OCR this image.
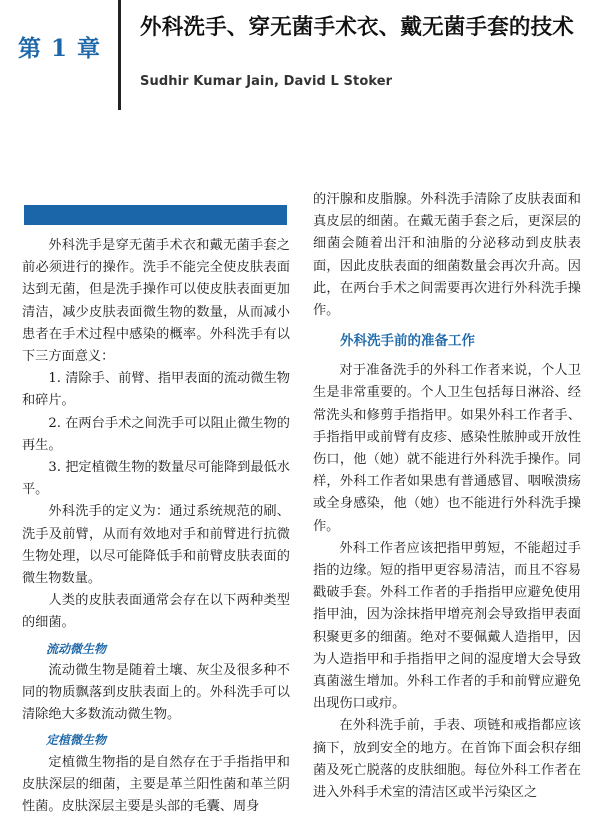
第 1 章
外科洗手、穿无菌手术衣、戴无菌手套的技术
Sudhir Kumar Jain, David L Stoker

外科洗手是穿无菌手术衣和戴无菌手套之前必须进行的操作。洗手不能完全使皮肤表面达到无菌，但是洗手操作可以使皮肤表面更加清洁，减少皮肤表面微生物的数量，从而减小患者在手术过程中感染的概率。外科洗手有以下三方面意义：

1. 清除手、前臂、指甲表面的流动微生物和碎片。

2. 在两台手术之间洗手可以阻止微生物的再生。

3. 把定植微生物的数量尽可能降到最低水平。

外科洗手的定义为：通过系统规范的刷、洗手及前臂，从而有效地对手和前臂进行抗微生物处理，以尽可能降低手和前臂皮肤表面的微生物数量。

人类的皮肤表面通常会存在以下两种类型的细菌。

流动微生物

流动微生物是随着土壤、灰尘及很多种不同的物质飘落到皮肤表面上的。外科洗手可以清除绝大多数流动微生物。

定植微生物

定植微生物指的是自然存在于手指指甲和皮肤深层的细菌，主要是革兰阳性菌和革兰阴性菌。皮肤深层主要是头部的毛囊、周身

的汗腺和皮脂腺。外科洗手清除了皮肤表面和真皮层的细菌。在戴无菌手套之后，更深层的细菌会随着出汗和油脂的分泌移动到皮肤表面，因此皮肤表面的细菌数量会再次升高。因此，在两台手术之间需要再次进行外科洗手操作。

外科洗手前的准备工作

对于准备洗手的外科工作者来说，个人卫生是非常重要的。个人卫生包括每日淋浴、经常洗头和修剪手指指甲。如果外科工作者手、手指指甲或前臂有皮疹、感染性脓肿或开放性伤口，他（她）就不能进行外科洗手操作。同样，外科工作者如果患有普通感冒、咽喉溃疡或全身感染，他（她）也不能进行外科洗手操作。

外科工作者应该把指甲剪短，不能超过手指的边缘。短的指甲更容易清洁，而且不容易戳破手套。外科工作者的手指指甲应避免使用指甲油，因为涂抹指甲增亮剂会导致指甲表面积聚更多的细菌。绝对不要佩戴人造指甲，因为人造指甲和手指指甲之间的湿度增大会导致真菌滋生增加。外科工作者的手和前臂应避免出现伤口或疖。

在外科洗手前，手表、项链和戒指都应该摘下，放到安全的地方。在首饰下面会积存细菌及死亡脱落的皮肤细胞。每位外科工作者在进入外科手术室的清洁区或半污染区之
